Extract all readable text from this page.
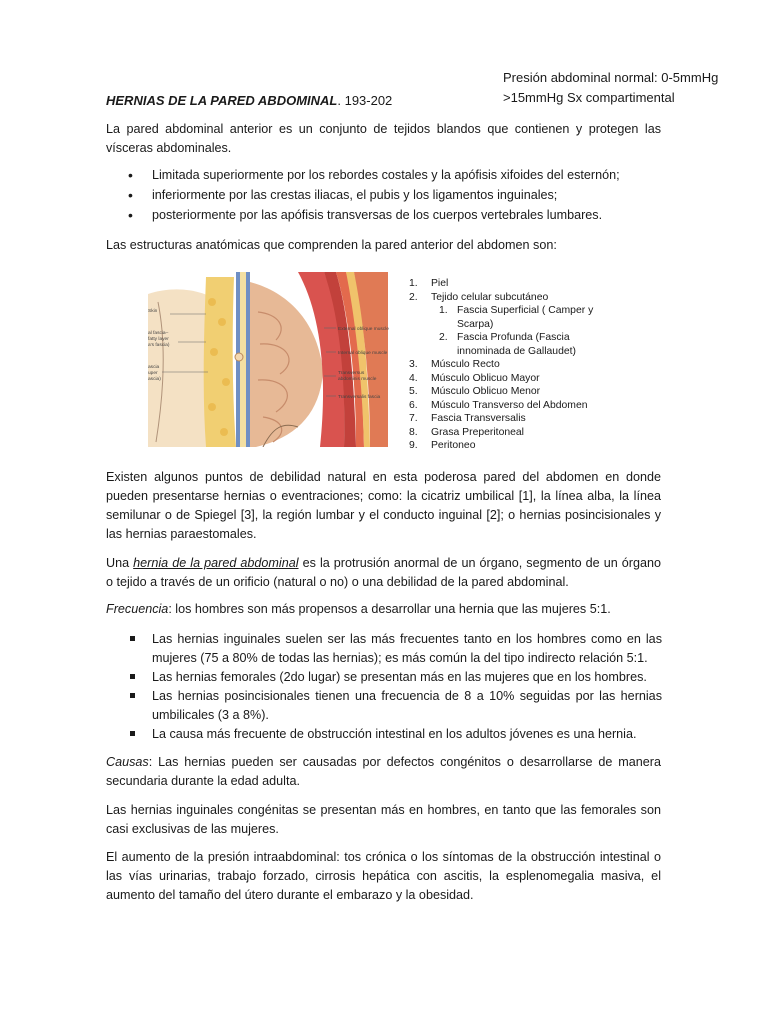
Presión abdominal normal: 0-5mmHg
>15mmHg Sx compartimental
HERNIAS DE LA PARED ABDOMINAL. 193-202
La pared abdominal anterior es un conjunto de tejidos blandos que contienen y protegen las vísceras abdominales.
• Limitada superiormente por los rebordes costales y la apófisis xifoides del esternón;
• inferiormente por las crestas iliacas, el pubis y los ligamentos inguinales;
• posteriormente por las apófisis transversas de los cuerpos vertebrales lumbares.
Las estructuras anatómicas que comprenden la pared anterior del abdomen son:
Skin
al fascia–
fatty layer
a's fascia)
ascia
uper
ascia)
External oblique muscle
Internal oblique muscle
Transversus
abdominis muscle
Transversalis fascia
1. Piel
2. Tejido celular subcutáneo
1. Fascia Superficial ( Camper y Scarpa)
2. Fascia Profunda (Fascia innominada de Gallaudet)
3. Músculo Recto
4. Músculo Oblicuo Mayor
5. Músculo Oblicuo Menor
6. Músculo Transverso del Abdomen
7. Fascia Transversalis
8. Grasa Preperitoneal
9. Peritoneo
Existen algunos puntos de debilidad natural en esta poderosa pared del abdomen en donde pueden presentarse hernias o eventraciones; como: la cicatriz umbilical [1], la línea alba, la línea semilunar o de Spiegel [3], la región lumbar y el conducto inguinal [2]; o hernias posincisionales y las hernias paraestomales.
Una hernia de la pared abdominal es la protrusión anormal de un órgano, segmento de un órgano o tejido a través de un orificio (natural o no) o una debilidad de la pared abdominal.
Frecuencia: los hombres son más propensos a desarrollar una hernia que las mujeres 5:1.
Las hernias inguinales suelen ser las más frecuentes tanto en los hombres como en las mujeres (75 a 80% de todas las hernias); es más común la del tipo indirecto relación 5:1.
Las hernias femorales (2do lugar) se presentan más en las mujeres que en los hombres.
Las hernias posincisionales tienen una frecuencia de 8 a 10% seguidas por las hernias umbilicales (3 a 8%).
La causa más frecuente de obstrucción intestinal en los adultos jóvenes es una hernia.
Causas: Las hernias pueden ser causadas por defectos congénitos o desarrollarse de manera secundaria durante la edad adulta.
Las hernias inguinales congénitas se presentan más en hombres, en tanto que las femorales son casi exclusivas de las mujeres.
El aumento de la presión intraabdominal: tos crónica o los síntomas de la obstrucción intestinal o las vías urinarias, trabajo forzado, cirrosis hepática con ascitis, la esplenomegalia masiva, el aumento del tamaño del útero durante el embarazo y la obesidad.
